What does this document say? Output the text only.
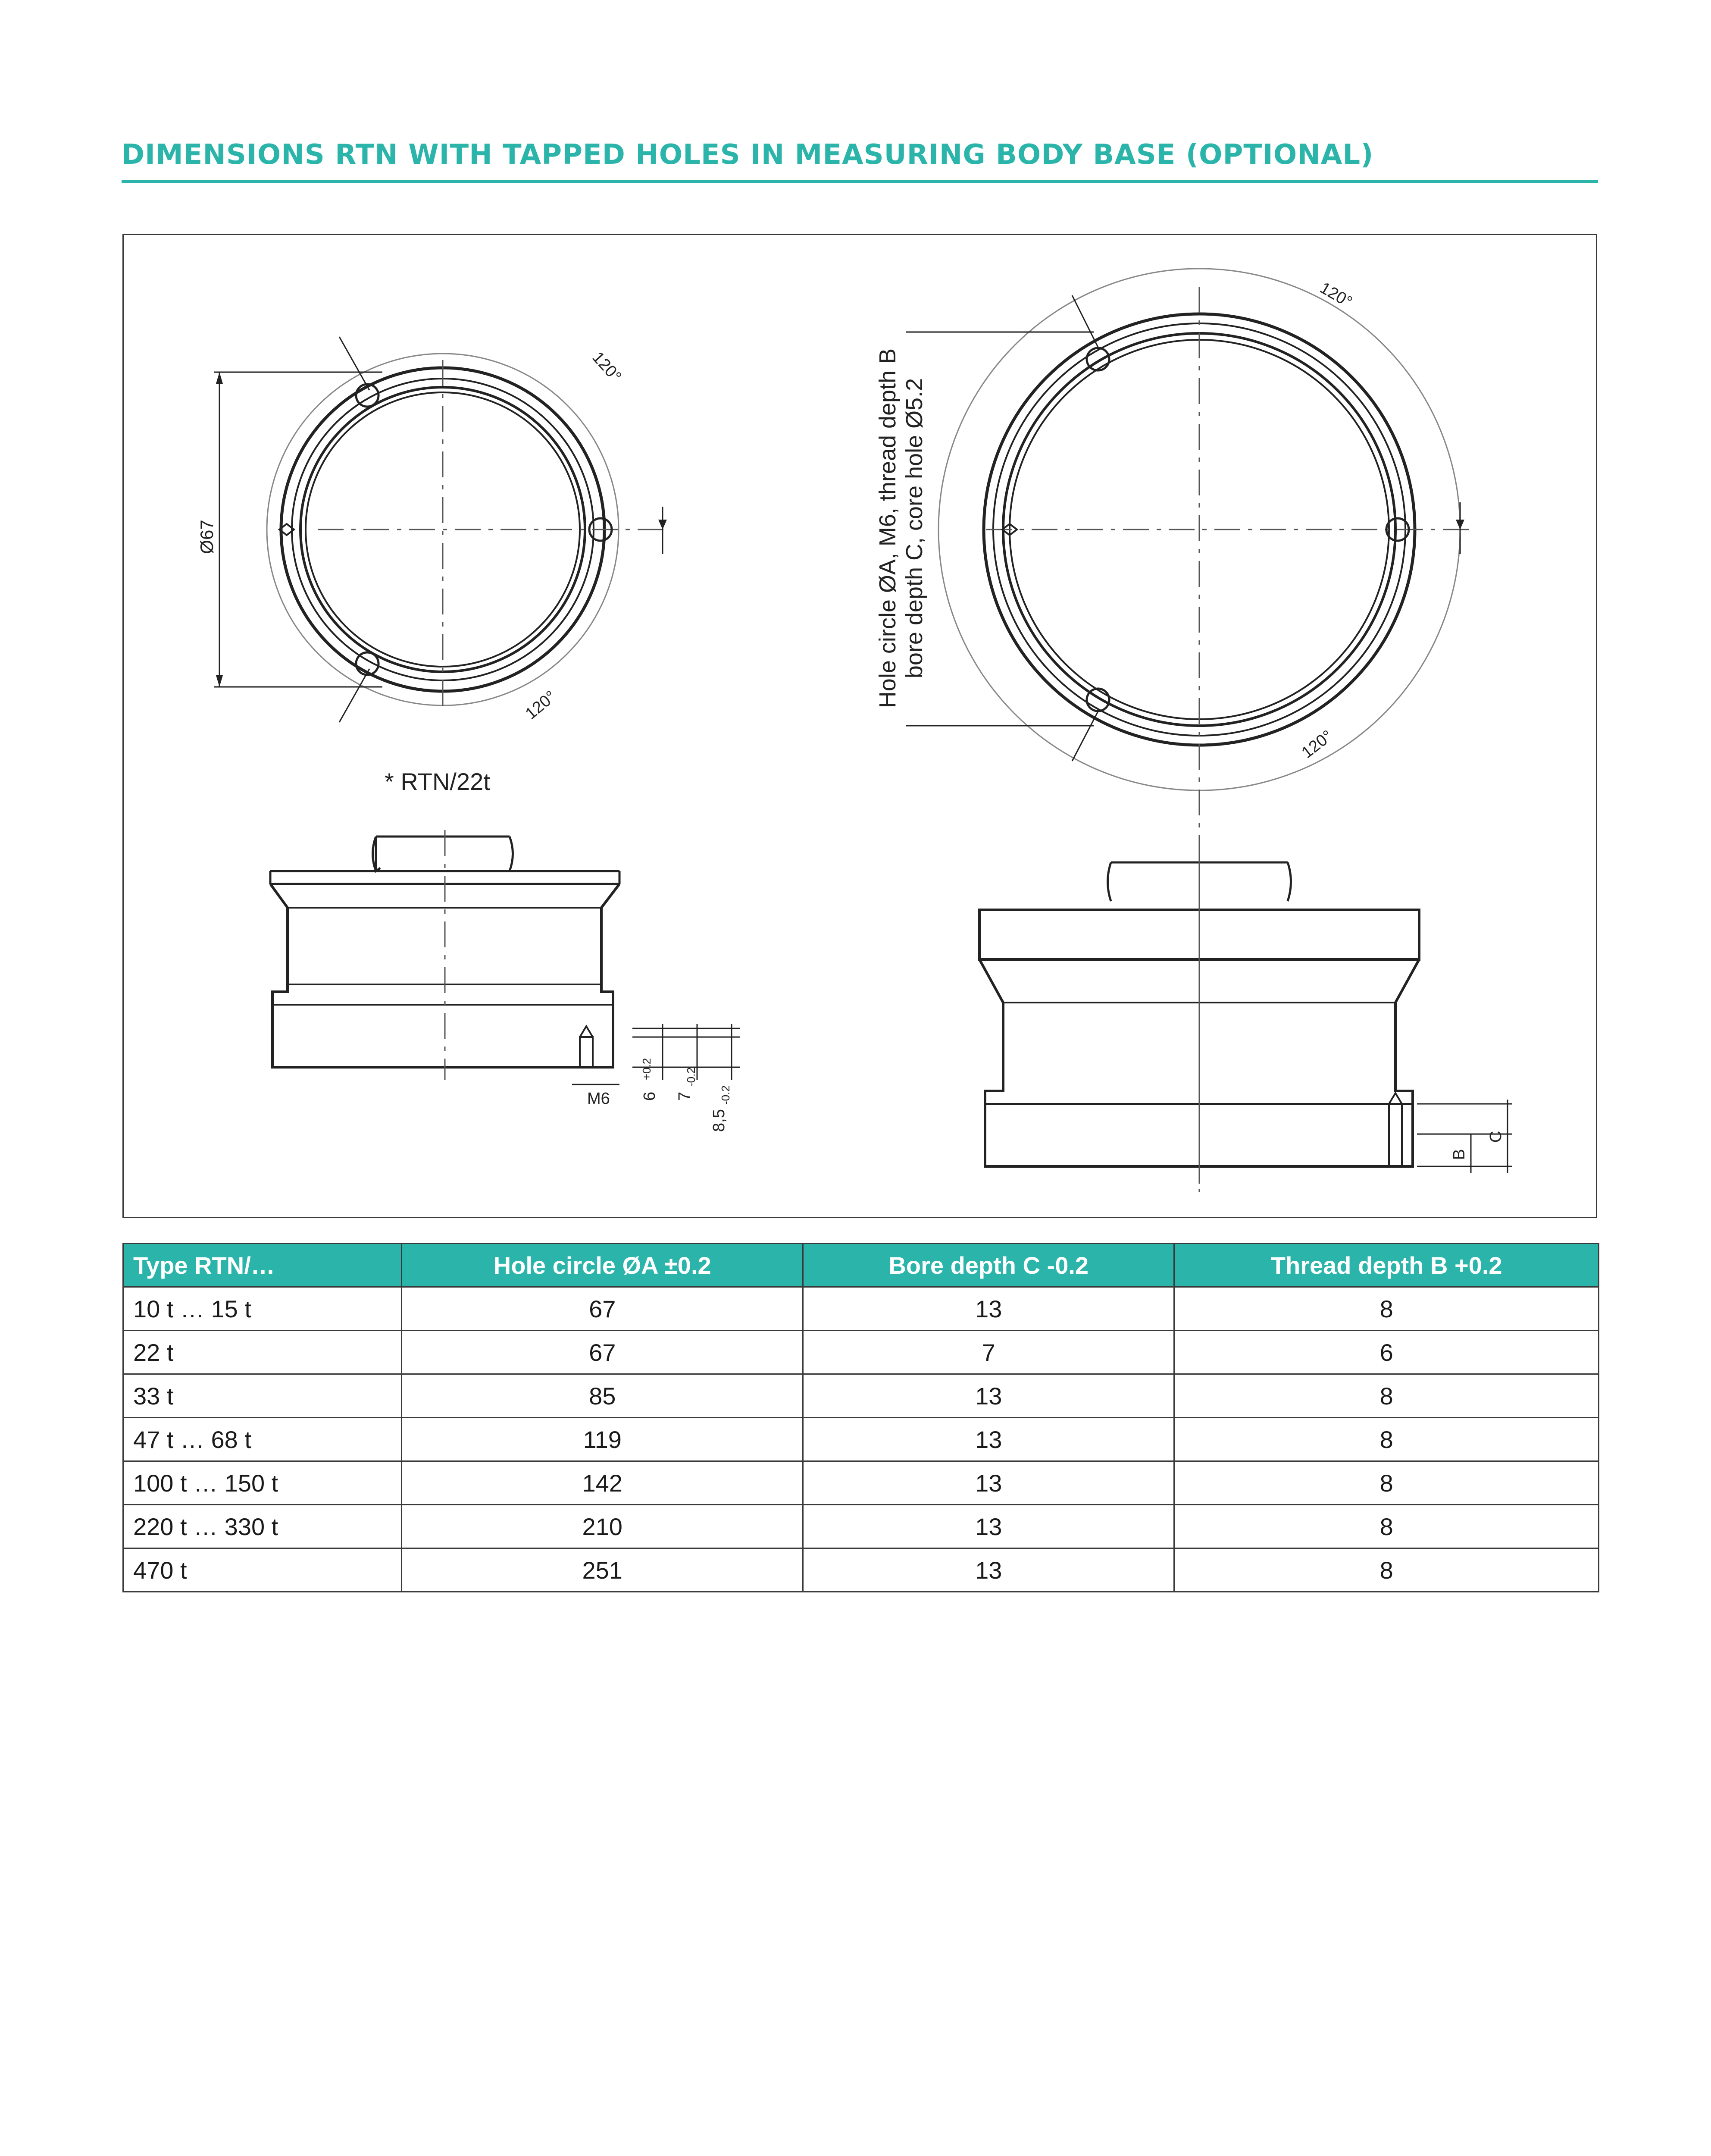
DIMENSIONS RTN WITH TAPPED HOLES IN MEASURING BODY BASE (OPTIONAL)
Ø67
120°
120°
120°
120°
* RTN/22t
Hole circle ØA, M6, thread depth B bore depth C, core hole Ø5.2
M6 6
+0.2
7
-0.2
8,5
-0.2
B
C
Type RTN/…	Hole circle ØA ±0.2	Bore depth C -0.2	Thread depth B +0.2
10 t … 15 t	67	13	8
22 t	67	7	6
33 t	85	13	8
47 t … 68 t	119	13	8
100 t … 150 t	142	13	8
220 t … 330 t	210	13	8
470 t	251	13	8
